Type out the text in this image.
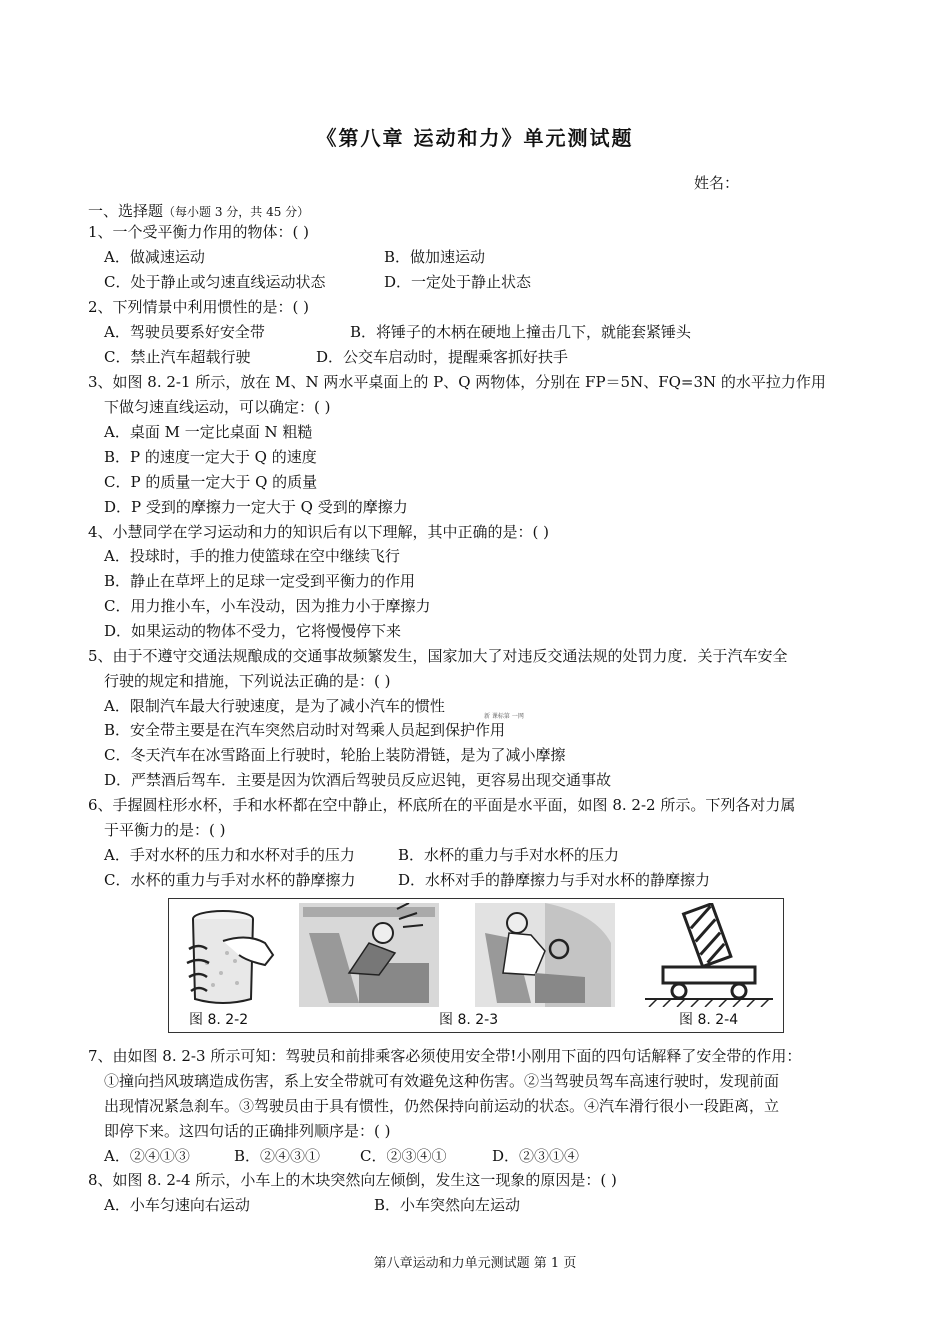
《第八章 运动和力》单元测试题
姓名：
一、选择题（每小题 3 分，共 45 分）
1、一个受平衡力作用的物体：( )
A．做减速运动	B．做加速运动
C．处于静止或匀速直线运动状态	D．一定处于静止状态
2、下列情景中利用惯性的是：( )
A．驾驶员要系好安全带	B．将锤子的木柄在硬地上撞击几下，就能套紧锤头
C．禁止汽车超载行驶	D．公交车启动时，提醒乘客抓好扶手
3、如图 8. 2-1 所示，放在 M、N 两水平桌面上的 P、Q 两物体，分别在 FP＝5N、FQ=3N 的水平拉力作用
下做匀速直线运动，可以确定：( )
A．桌面 M 一定比桌面 N 粗糙
B．P 的速度一定大于 Q 的速度
C．P 的质量一定大于 Q 的质量
D．P 受到的摩擦力一定大于 Q 受到的摩擦力
4、小慧同学在学习运动和力的知识后有以下理解，其中正确的是：( )
A．投球时，手的推力使篮球在空中继续飞行
B．静止在草坪上的足球一定受到平衡力的作用
C．用力推小车，小车没动，因为推力小于摩擦力
D．如果运动的物体不受力，它将慢慢停下来
5、由于不遵守交通法规酿成的交通事故频繁发生，国家加大了对违反交通法规的处罚力度．关于汽车安全
行驶的规定和措施，下列说法正确的是：( )
A．限制汽车最大行驶速度，是为了减小汽车的惯性
新 课标第 一网
B．安全带主要是在汽车突然启动时对驾乘人员起到保护作用
C．冬天汽车在冰雪路面上行驶时，轮胎上装防滑链，是为了减小摩擦
D．严禁酒后驾车．主要是因为饮酒后驾驶员反应迟钝，更容易出现交通事故
6、手握圆柱形水杯，手和水杯都在空中静止，杯底所在的平面是水平面，如图 8. 2-2 所示。下列各对力属
于平衡力的是：( )
A．手对水杯的压力和水杯对手的压力	B．水杯的重力与手对水杯的压力
C．水杯的重力与手对水杯的静摩擦力	D．水杯对手的静摩擦力与手对水杯的静摩擦力
图 8. 2-2	图 8. 2-3	图 8. 2-4
7、由如图 8. 2-3 所示可知：驾驶员和前排乘客必须使用安全带!小刚用下面的四句话解释了安全带的作用：
①撞向挡风玻璃造成伤害，系上安全带就可有效避免这种伤害。②当驾驶员驾车高速行驶时，发现前面
出现情况紧急刹车。③驾驶员由于具有惯性，仍然保持向前运动的状态。④汽车滑行很小一段距离，立
即停下来。这四句话的正确排列顺序是：( )
A．②④①③	B．②④③①	C．②③④①	D．②③①④
8、如图 8. 2-4 所示，小车上的木块突然向左倾倒，发生这一现象的原因是：( )
A．小车匀速向右运动	B．小车突然向左运动
第八章运动和力单元测试题 第 1 页
